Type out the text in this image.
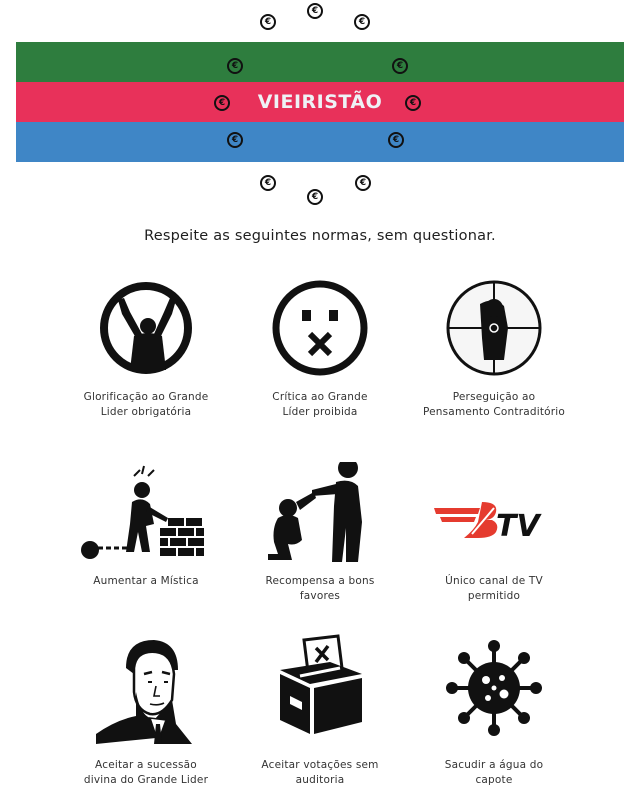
€
€
€
€	€
€	VIEIRISTÃO	€
€	€
€
€
€
Respeite as seguintes normas, sem questionar.
Glorificação ao Grande
Lider obrigatória
Crítica ao Grande
Líder proibida
Perseguição ao
Pensamento Contraditório
Aumentar a Mística	Recompensa a bons
favores
TV
Único canal de TV
permitido
Aceitar a sucessão
divina do Grande Lider
Aceitar votações sem
auditoria
Sacudir a água do
capote
